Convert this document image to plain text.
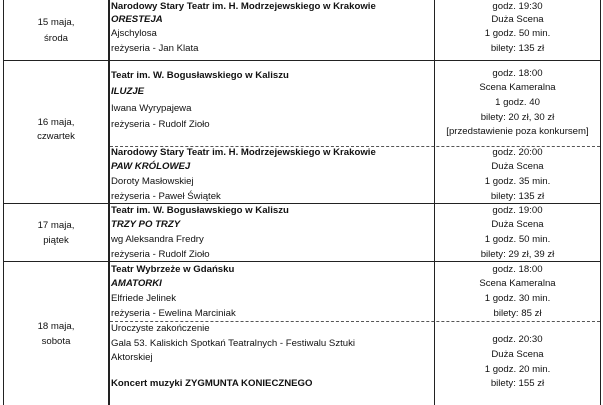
15 maja,
środa
Narodowy Stary Teatr im. H. Modrzejewskiego w Krakowie
ORESTEJA
Ajschylosa
reżyseria - Jan Klata
godz. 19:30
Duża Scena
1 godz. 50 min.
bilety: 135 zł
16 maja,
czwartek
Teatr im. W. Bogusławskiego w Kaliszu
ILUZJE
Iwana Wyrypajewa
reżyseria - Rudolf Zioło
godz. 18:00
Scena Kameralna
1 godz. 40
bilety: 20 zł, 30 zł
[przedstawienie poza konkursem]
Narodowy Stary Teatr im. H. Modrzejewskiego w Krakowie
PAW KRÓLOWEJ
Doroty Masłowskiej
reżyseria - Paweł Świątek
godz. 20:00
Duża Scena
1 godz. 35 min.
bilety: 135 zł
17 maja,
piątek
Teatr im. W. Bogusławskiego w Kaliszu
TRZY PO TRZY
wg Aleksandra Fredry
reżyseria - Rudolf Zioło
godz. 19:00
Duża Scena
1 godz. 50 min.
bilety: 29 zł, 39 zł
18 maja,
sobota
Teatr Wybrzeże w Gdańsku
AMATORKI
Elfriede Jelinek
reżyseria - Ewelina Marciniak
godz. 18:00
Scena Kameralna
1 godz. 30 min.
bilety: 85 zł
Uroczyste zakończenie
Gala 53. Kaliskich Spotkań Teatralnych - Festiwalu Sztuki
Aktorskiej
Koncert muzyki ZYGMUNTA KONIECZNEGO
godz. 20:30
Duża Scena
1 godz. 20 min.
bilety: 155 zł
